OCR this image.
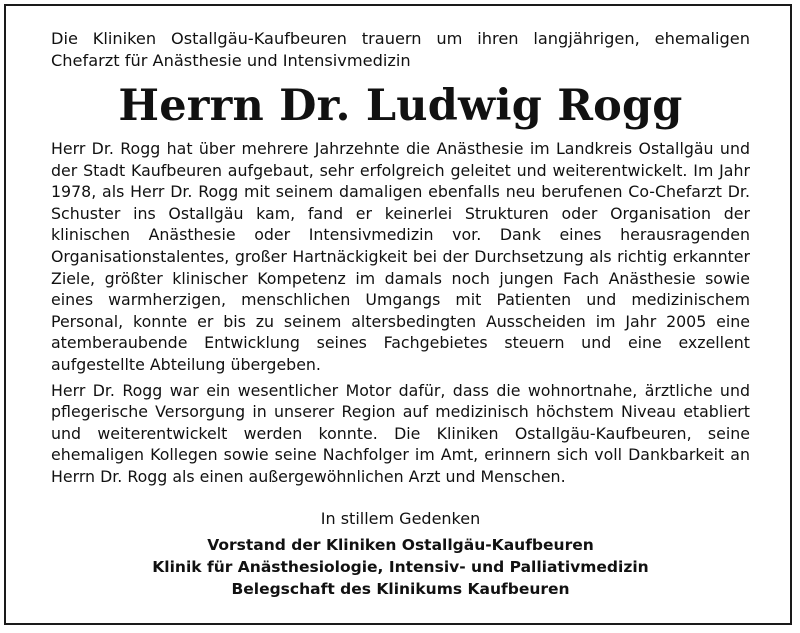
Die Kliniken Ostallgäu-Kaufbeuren trauern um ihren langjährigen, ehemaligen
Chefarzt für Anästhesie und Intensivmedizin

Herrn Dr. Ludwig Rogg

Herr Dr. Rogg hat über mehrere Jahrzehnte die Anästhesie im Landkreis Ostallgäu und der Stadt Kaufbeuren aufgebaut, sehr erfolgreich geleitet und weiterentwickelt. Im Jahr 1978, als Herr Dr. Rogg mit seinem damaligen ebenfalls neu berufenen Co-Chefarzt Dr. Schuster ins Ostallgäu kam, fand er keinerlei Strukturen oder Organisation der klinischen Anästhesie oder Intensivmedizin vor. Dank eines herausragenden Organisationstalentes, großer Hartnäckigkeit bei der Durchsetzung als richtig erkannter Ziele, größter klinischer Kompetenz im damals noch jungen Fach Anästhesie sowie eines warmherzigen, menschlichen Umgangs mit Patienten und medizinischem Personal, konnte er bis zu seinem altersbedingten Ausscheiden im Jahr 2005 eine atemberaubende Entwicklung seines Fachgebietes steuern und eine exzellent aufgestellte Abteilung übergeben.

Herr Dr. Rogg war ein wesentlicher Motor dafür, dass die wohnortnahe, ärztliche und pflegerische Versorgung in unserer Region auf medizinisch höchstem Niveau etabliert und weiterentwickelt werden konnte. Die Kliniken Ostallgäu-Kaufbeuren, seine ehemaligen Kollegen sowie seine Nachfolger im Amt, erinnern sich voll Dankbarkeit an Herrn Dr. Rogg als einen außergewöhnlichen Arzt und Menschen.

In stillem Gedenken
Vorstand der Kliniken Ostallgäu-Kaufbeuren
Klinik für Anästhesiologie, Intensiv- und Palliativmedizin
Belegschaft des Klinikums Kaufbeuren
